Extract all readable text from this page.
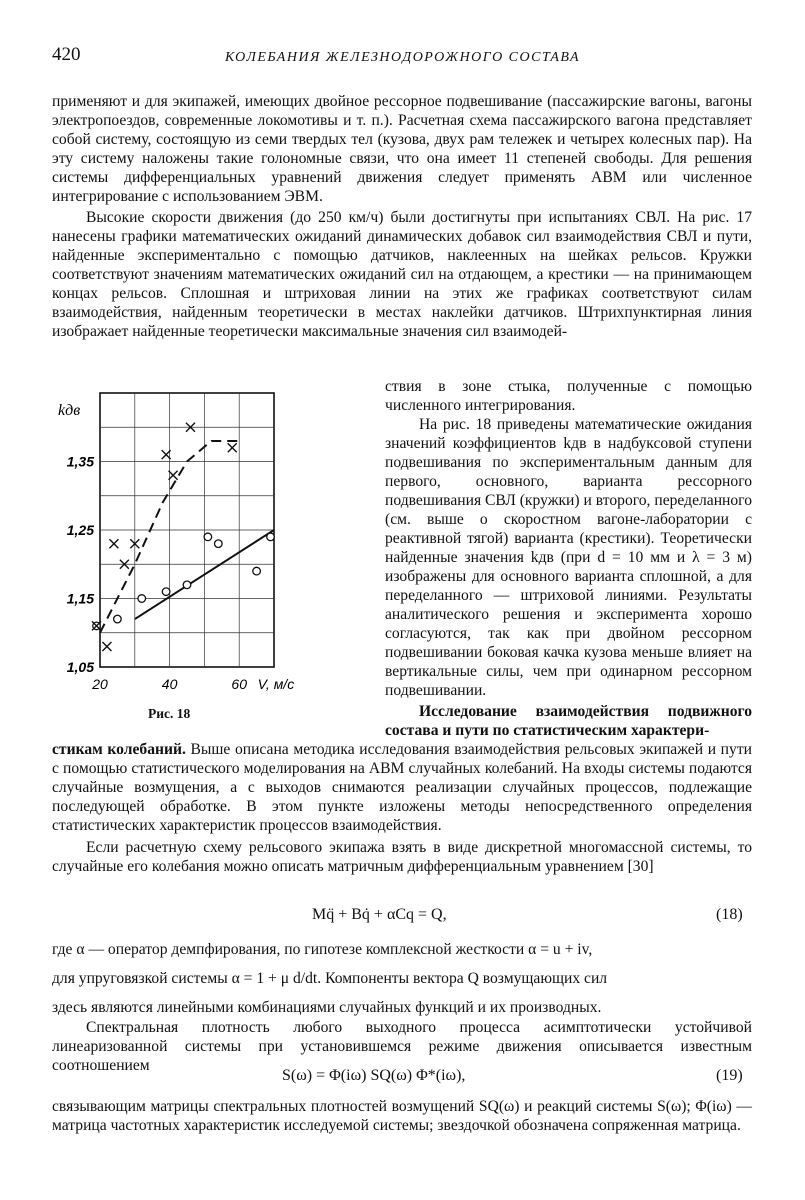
420	КОЛЕБАНИЯ ЖЕЛЕЗНОДОРОЖНОГО СОСТАВА

применяют и для экипажей, имеющих двойное рессорное подвешивание (пассажирские вагоны, вагоны электропоездов, современные локомотивы и т. п.). Расчетная схема пассажирского вагона представляет собой систему, состоящую из семи твердых тел (кузова, двух рам тележек и четырех колесных пар). На эту систему наложены такие голономные связи, что она имеет 11 степеней свободы. Для решения системы дифференциальных уравнений движения следует применять АВМ или численное интегрирование с использованием ЭВМ.

Высокие скорости движения (до 250 км/ч) были достигнуты при испытаниях СВЛ. На рис. 17 нанесены графики математических ожиданий динамических добавок сил взаимодействия СВЛ и пути, найденные экспериментально с помощью датчиков, наклеенных на шейках рельсов. Кружки соответствуют значениям математических ожиданий сил на отдающем, а крестики — на принимающем концах рельсов. Сплошная и штриховая линии на этих же графиках соответствуют силам взаимодействия, найденным теоретически в местах наклейки датчиков. Штрихпунктирная линия изображает найденные теоретически максимальные значения сил взаимодей-

1,05
1,15
1,25
1,35
20	40	60 V, м/с
kдв
Рис. 18

ствия в зоне стыка, полученные с помощью численного интегрирования.

На рис. 18 приведены математические ожидания значений коэффициентов kдв в надбуксовой ступени подвешивания по экспериментальным данным для первого, основного, варианта рессорного подвешивания СВЛ (кружки) и второго, переделанного (см. выше о скоростном вагоне-лаборатории с реактивной тягой) варианта (крестики). Теоретически найденные значения kдв (при d = 10 мм и λ = 3 м) изображены для основного варианта сплошной, а для переделанного — штриховой линиями. Результаты аналитического решения и эксперимента хорошо согласуются, так как при двойном рессорном подвешивании боковая качка кузова меньше влияет на вертикальные силы, чем при одинарном рессорном подвешивании.

Исследование взаимодействия подвижного состава и пути по статистическим характери-

стикам колебаний. Выше описана методика исследования взаимодействия рельсовых экипажей и пути с помощью статистического моделирования на АВМ случайных колебаний. На входы системы подаются случайные возмущения, а с выходов снимаются реализации случайных процессов, подлежащие последующей обработке. В этом пункте изложены методы непосредственного определения статистических характеристик процессов взаимодействия.

Если расчетную схему рельсового экипажа взять в виде дискретной многомассной системы, то случайные его колебания можно описать матричным дифференциальным уравнением [30]

Mq̈ + Bq̇ + αCq = Q,	(18)

где α — оператор демпфирования, по гипотезе комплексной жесткости α = u + iv,

для упруговязкой системы α = 1 + μ d/dt. Компоненты вектора Q возмущающих сил

здесь являются линейными комбинациями случайных функций и их производных.

Спектральная плотность любого выходного процесса асимптотически устойчивой линеаризованной системы при установившемся режиме движения описывается известным соотношением

S(ω) = Φ(iω) SQ(ω) Φ*(iω),	(19)

связывающим матрицы спектральных плотностей возмущений SQ(ω) и реакций системы S(ω); Φ(iω) — матрица частотных характеристик исследуемой системы; звездочкой обозначена сопряженная матрица.
